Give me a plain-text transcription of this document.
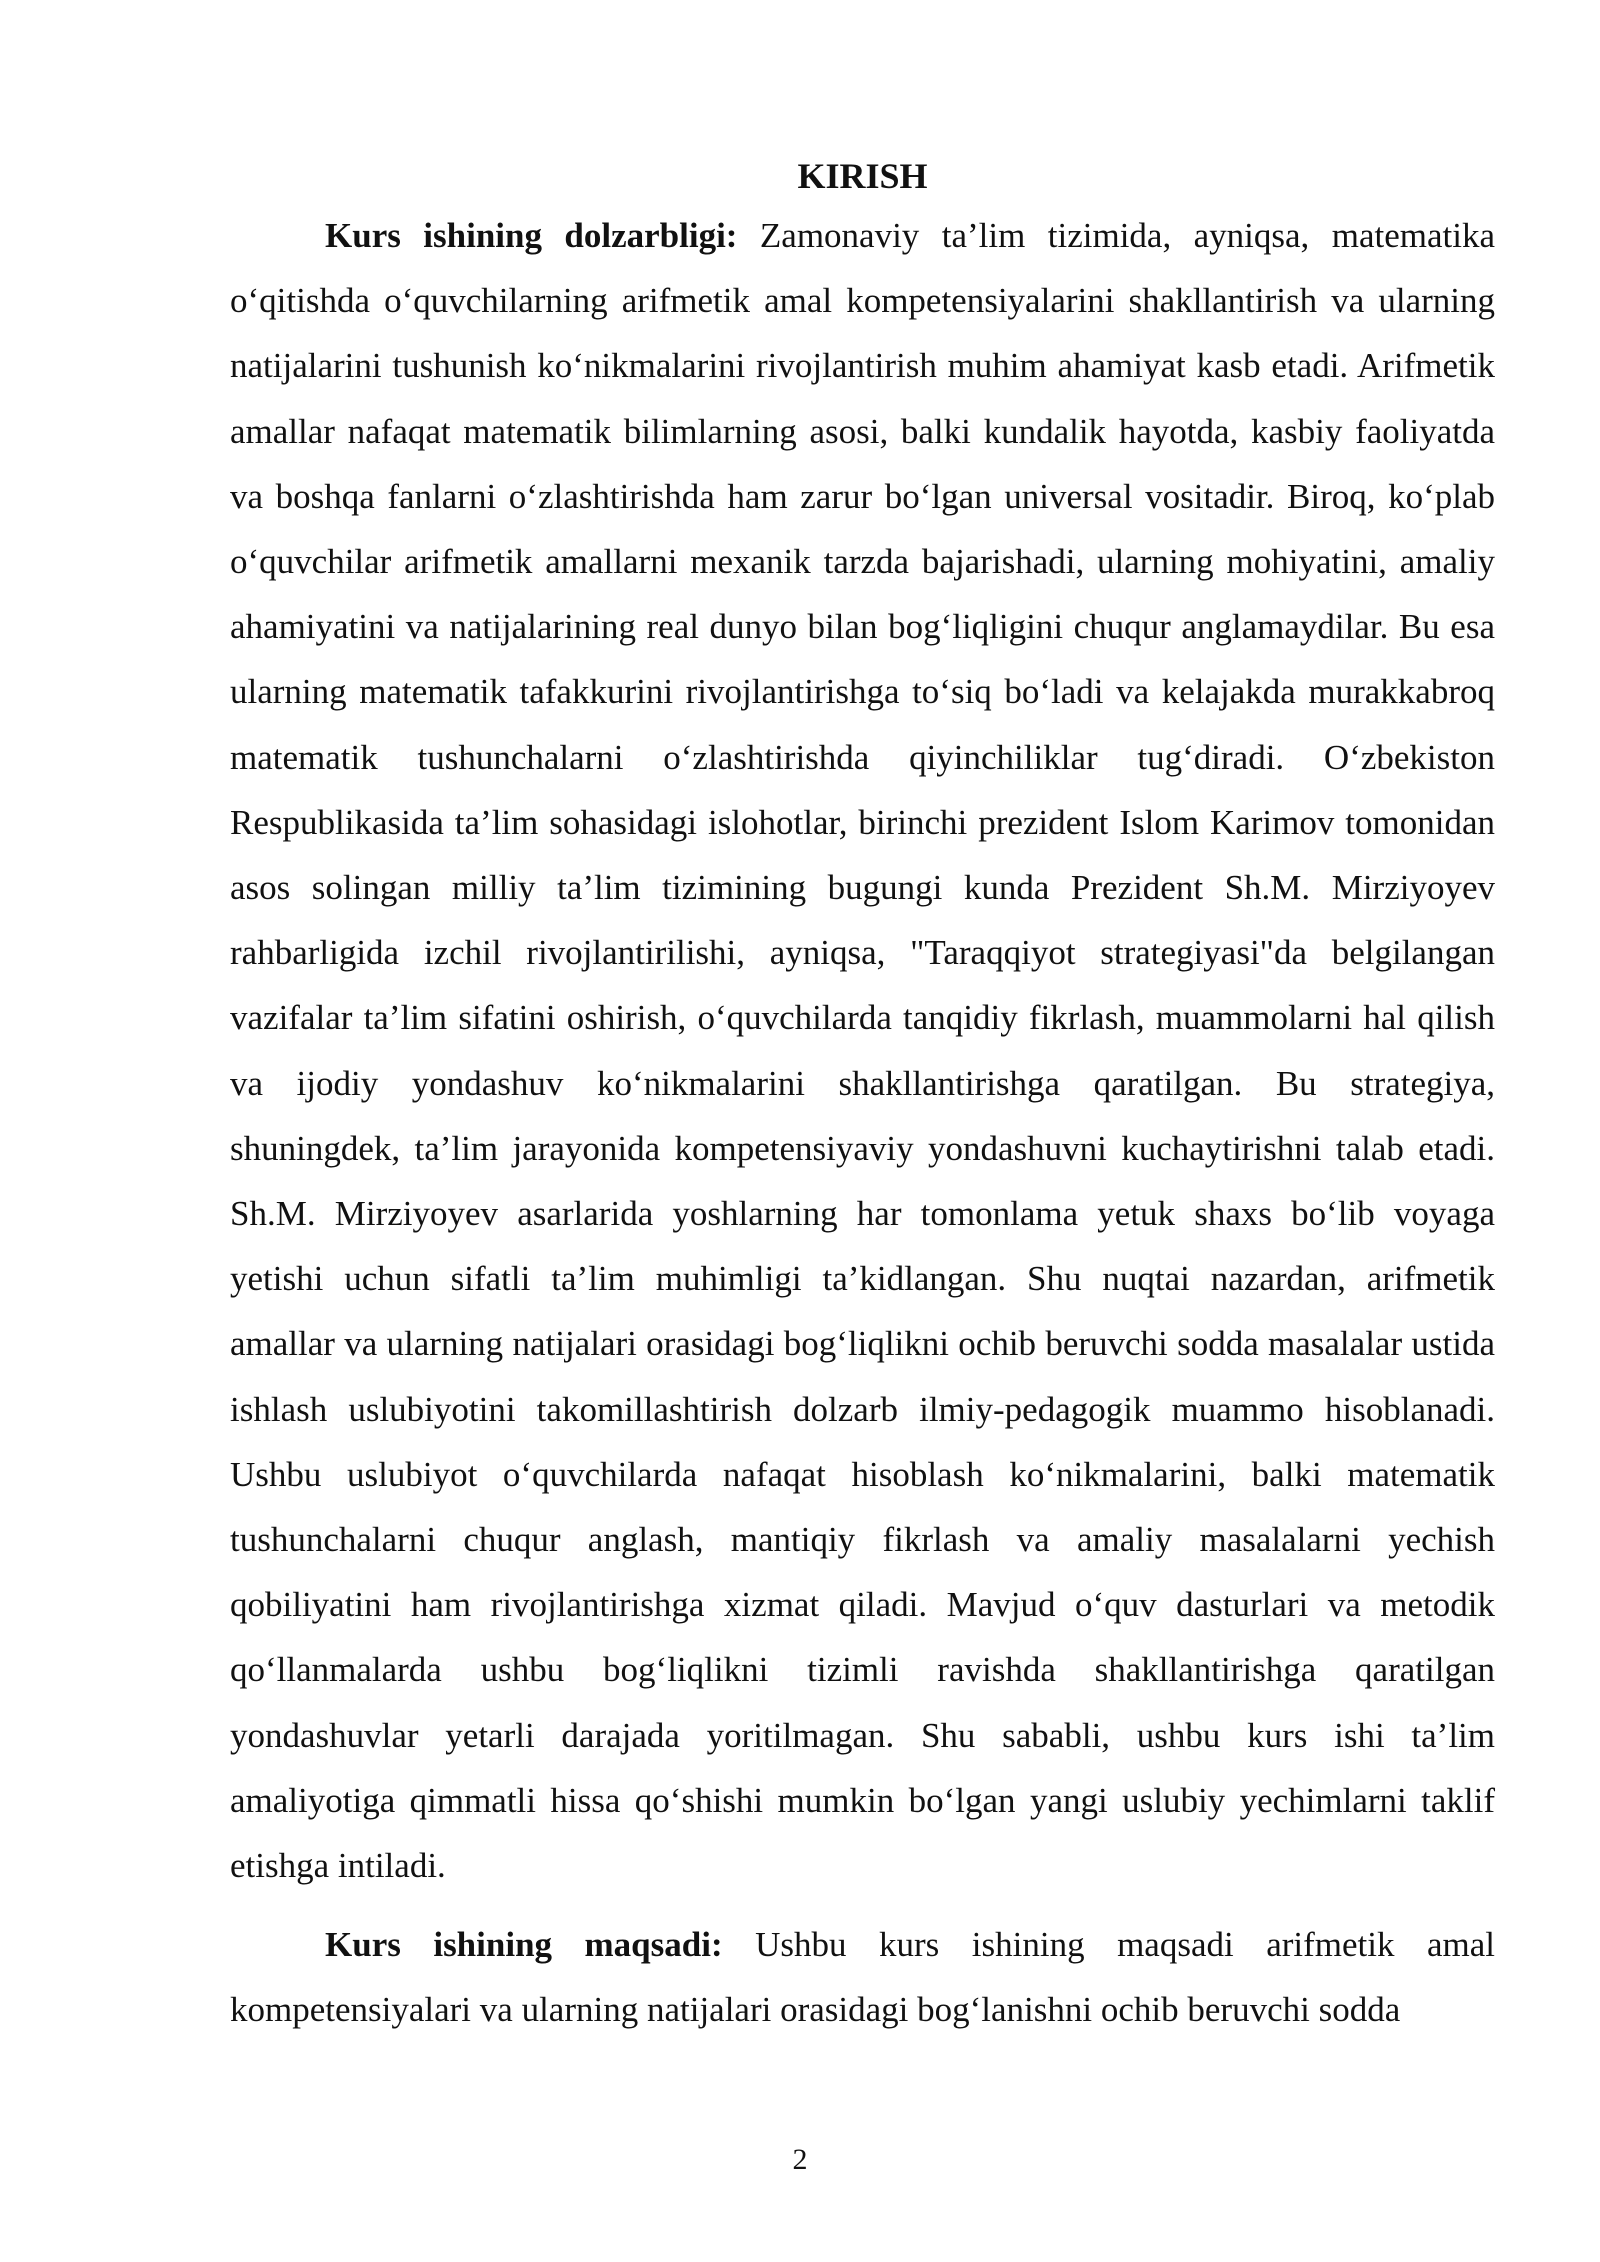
KIRISH

Kurs ishining dolzarbligi: Zamonaviy ta’lim tizimida, ayniqsa, matematika o‘qitishda o‘quvchilarning arifmetik amal kompetensiyalarini shakllantirish va ularning natijalarini tushunish ko‘nikmalarini rivojlantirish muhim ahamiyat kasb etadi. Arifmetik amallar nafaqat matematik bilimlarning asosi, balki kundalik hayotda, kasbiy faoliyatda va boshqa fanlarni o‘zlashtirishda ham zarur bo‘lgan universal vositadir. Biroq, ko‘plab o‘quvchilar arifmetik amallarni mexanik tarzda bajarishadi, ularning mohiyatini, amaliy ahamiyatini va natijalarining real dunyo bilan bog‘liqligini chuqur anglamaydilar. Bu esa ularning matematik tafakkurini rivojlantirishga to‘siq bo‘ladi va kelajakda murakkabroq matematik tushunchalarni o‘zlashtirishda qiyinchiliklar tug‘diradi. O‘zbekiston Respublikasida ta’lim sohasidagi islohotlar, birinchi prezident Islom Karimov tomonidan asos solingan milliy ta’lim tizimining bugungi kunda Prezident Sh.M. Mirziyoyev rahbarligida izchil rivojlantirilishi, ayniqsa, "Taraqqiyot strategiyasi"da belgilangan vazifalar ta’lim sifatini oshirish, o‘quvchilarda tanqidiy fikrlash, muammolarni hal qilish va ijodiy yondashuv ko‘nikmalarini shakllantirishga qaratilgan. Bu strategiya, shuningdek, ta’lim jarayonida kompetensiyaviy yondashuvni kuchaytirishni talab etadi. Sh.M. Mirziyoyev asarlarida yoshlarning har tomonlama yetuk shaxs bo‘lib voyaga yetishi uchun sifatli ta’lim muhimligi ta’kidlangan. Shu nuqtai nazardan, arifmetik amallar va ularning natijalari orasidagi bog‘liqlikni ochib beruvchi sodda masalalar ustida ishlash uslubiyotini takomillashtirish dolzarb ilmiy-pedagogik muammo hisoblanadi. Ushbu uslubiyot o‘quvchilarda nafaqat hisoblash ko‘nikmalarini, balki matematik tushunchalarni chuqur anglash, mantiqiy fikrlash va amaliy masalalarni yechish qobiliyatini ham rivojlantirishga xizmat qiladi. Mavjud o‘quv dasturlari va metodik qo‘llanmalarda ushbu bog‘liqlikni tizimli ravishda shakllantirishga qaratilgan yondashuvlar yetarli darajada yoritilmagan. Shu sababli, ushbu kurs ishi ta’lim amaliyotiga qimmatli hissa qo‘shishi mumkin bo‘lgan yangi uslubiy yechimlarni taklif etishga intiladi.

Kurs ishining maqsadi: Ushbu kurs ishining maqsadi arifmetik amal kompetensiyalari va ularning natijalari orasidagi bog‘lanishni ochib beruvchi sodda

2
